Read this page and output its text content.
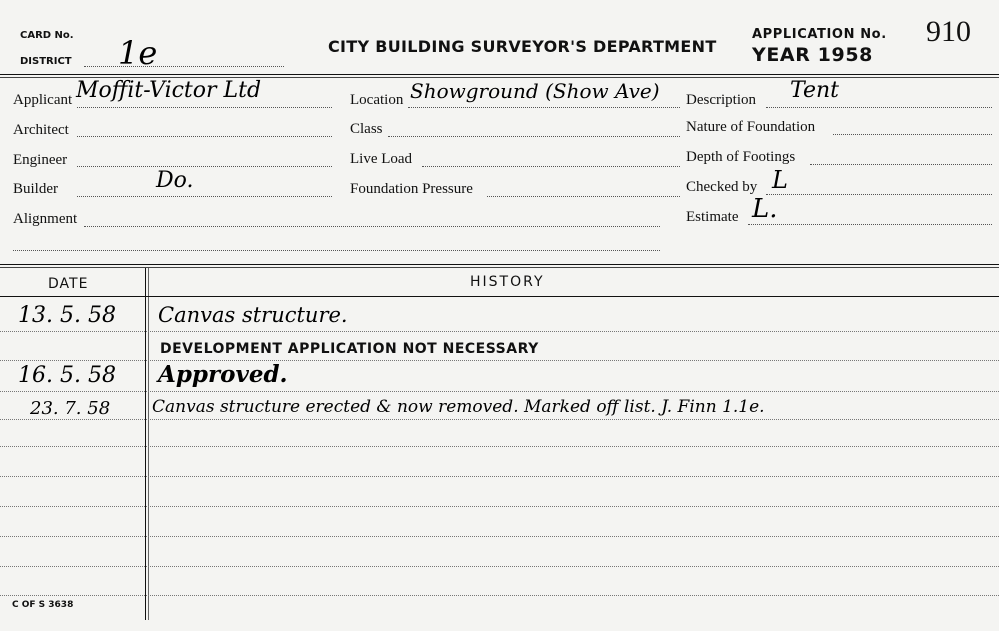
CARD No.
DISTRICT 1e	CITY BUILDING SURVEYOR'S DEPARTMENT
APPLICATION No.
YEAR 1958
910
Applicant Moffit-Victor Ltd
Architect
Engineer
Builder	Do.
Alignment
Location Showground (Show Ave)
Class
Live Load
Foundation Pressure
Description Tent
Nature of Foundation
Depth of Footings
Checked by L
Estimate L.
DATE	HISTORY
13. 5. 58 Canvas structure.
DEVELOPMENT APPLICATION NOT NECESSARY
16. 5. 58 Approved.
23. 7. 58 Canvas structure erected & now removed. Marked off list. J. Finn 1.1e.
C OF S 3638
